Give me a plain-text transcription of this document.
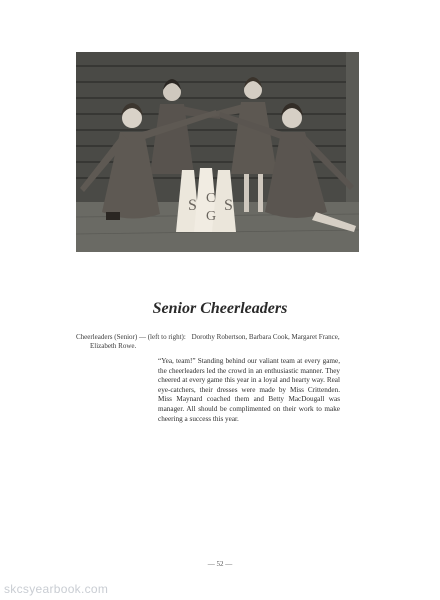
S C
G
S
Senior Cheerleaders
Cheerleaders (Senior) — (left to right): Dorothy Robertson, Barbara Cook, Margaret France,
Elizabeth Rowe.

“Yea, team!” Standing behind our valiant team at every game, the cheerleaders led the crowd in an enthusiastic manner. They cheered at every game this year in a loyal and hearty way. Real eye-catchers, their dresses were made by Miss Crittenden. Miss Maynard coached them and Betty MacDougall was manager. All should be complimented on their work to make cheering a success this year.

— 52 —
skcsyearbook.com
